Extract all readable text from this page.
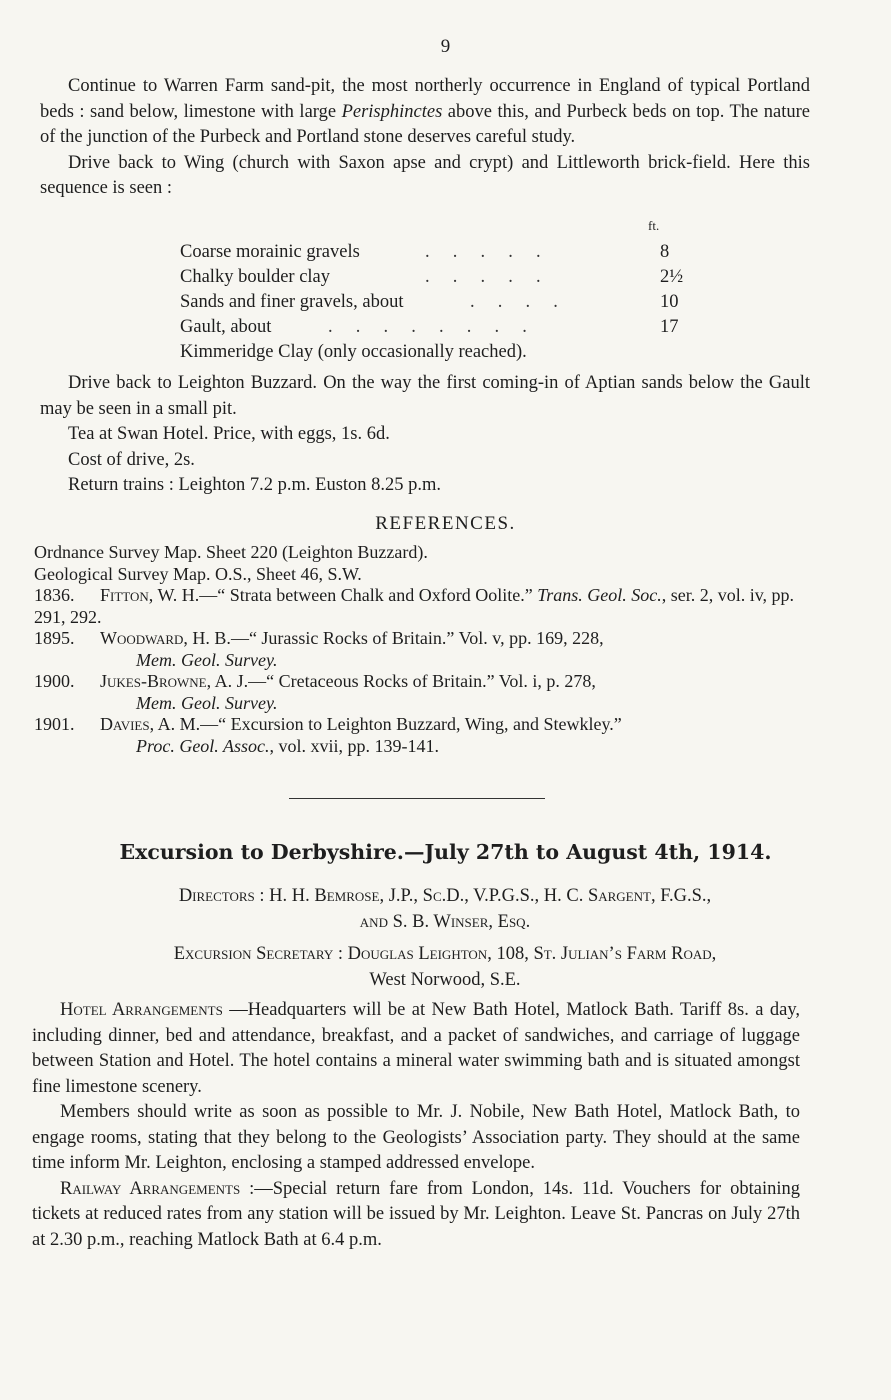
9

Continue to Warren Farm sand-pit, the most northerly occurrence in England of typical Portland beds : sand below, limestone with large Perisphinctes above this, and Purbeck beds on top. The nature of the junction of the Purbeck and Portland stone deserves careful study.

Drive back to Wing (church with Saxon apse and crypt) and Littleworth brick-field. Here this sequence is seen :

ft.
Coarse morainic gravels	.     .     .     .     .	8
Chalky boulder clay	.     .     .     .     .	2½
Sands and finer gravels, about	.     .     .     .	10
Gault, about	.     .     .     .     .     .     .     .	17
Kimmeridge Clay (only occasionally reached).

Drive back to Leighton Buzzard. On the way the first coming-in of Aptian sands below the Gault may be seen in a small pit.

Tea at Swan Hotel. Price, with eggs, 1s. 6d.

Cost of drive, 2s.

Return trains : Leighton 7.2 p.m. Euston 8.25 p.m.

REFERENCES.

Ordnance Survey Map. Sheet 220 (Leighton Buzzard).

Geological Survey Map. O.S., Sheet 46, S.W.

1836. Fitton, W. H.—“ Strata between Chalk and Oxford Oolite.” Trans. Geol. Soc., ser. 2, vol. iv, pp. 291, 292.
1895. Woodward, H. B.—“ Jurassic Rocks of Britain.” Vol. v, pp. 169, 228,
Mem. Geol. Survey.
1900. Jukes-Browne, A. J.—“ Cretaceous Rocks of Britain.” Vol. i, p. 278,
Mem. Geol. Survey.
1901. Davies, A. M.—“ Excursion to Leighton Buzzard, Wing, and Stewkley.”
Proc. Geol. Assoc., vol. xvii, pp. 139-141.
Excursion to Derbyshire.—July 27th to August 4th, 1914.
Directors : H. H. Bemrose, J.P., Sc.D., V.P.G.S., H. C. Sargent, F.G.S.,
and S. B. Winser, Esq.
Excursion Secretary : Douglas Leighton, 108, St. Julian’s Farm Road,
West Norwood, S.E.

Hotel Arrangements —Headquarters will be at New Bath Hotel, Matlock Bath. Tariff 8s. a day, including dinner, bed and attendance, breakfast, and a packet of sandwiches, and carriage of luggage between Station and Hotel. The hotel contains a mineral water swimming bath and is situated amongst fine limestone scenery.

Members should write as soon as possible to Mr. J. Nobile, New Bath Hotel, Matlock Bath, to engage rooms, stating that they belong to the Geologists’ Association party. They should at the same time inform Mr. Leighton, enclosing a stamped addressed envelope.

Railway Arrangements :—Special return fare from London, 14s. 11d. Vouchers for obtaining tickets at reduced rates from any station will be issued by Mr. Leighton. Leave St. Pancras on July 27th at 2.30 p.m., reaching Matlock Bath at 6.4 p.m.
